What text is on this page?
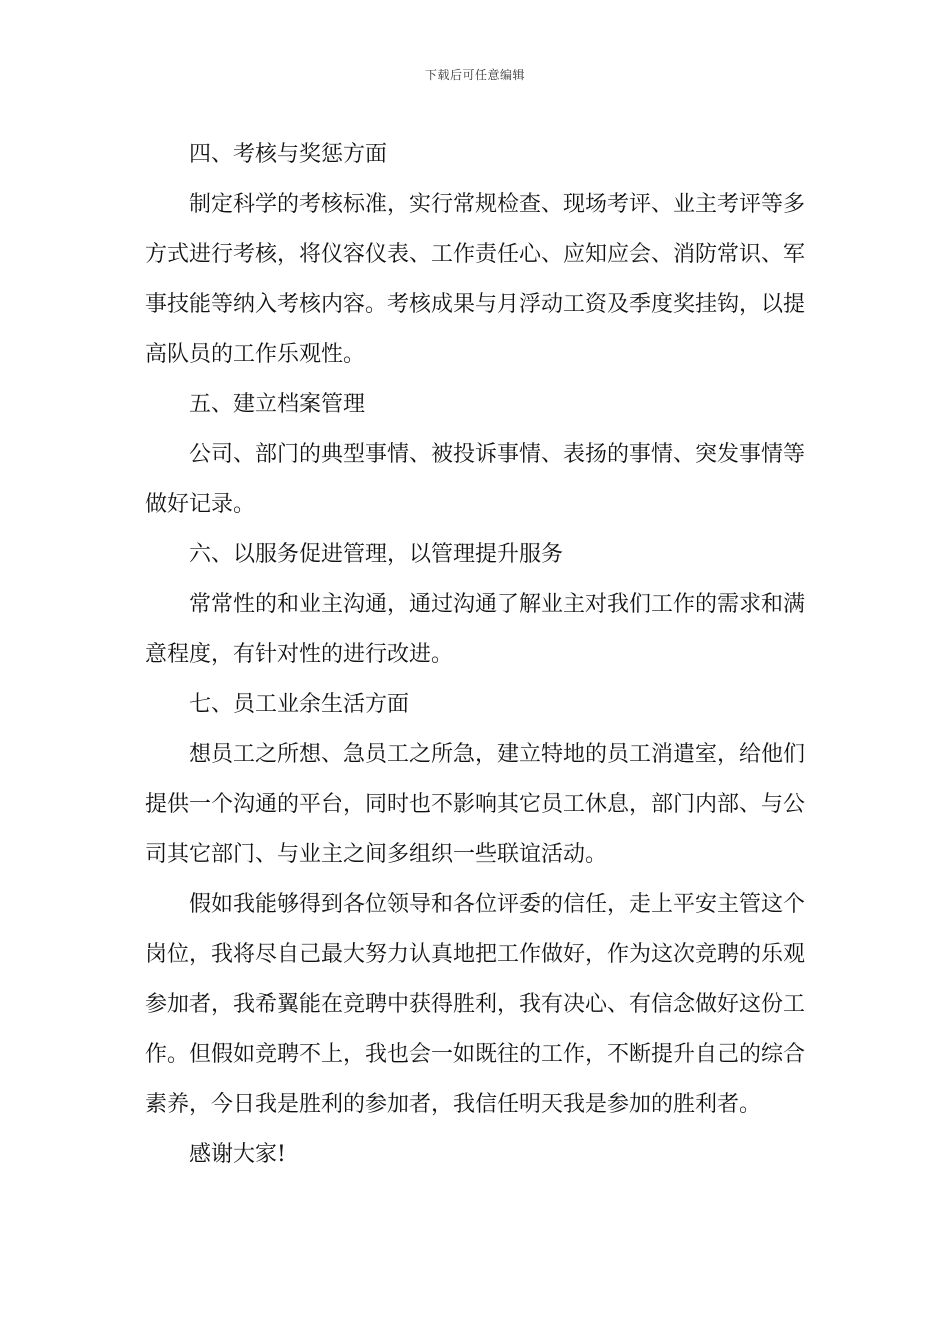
下载后可任意编辑

四、考核与奖惩方面

制定科学的考核标准，实行常规检查、现场考评、业主考评等多方式进行考核，将仪容仪表、工作责任心、应知应会、消防常识、军事技能等纳入考核内容。考核成果与月浮动工资及季度奖挂钩，以提高队员的工作乐观性。

五、建立档案管理

公司、部门的典型事情、被投诉事情、表扬的事情、突发事情等做好记录。

六、以服务促进管理，以管理提升服务

常常性的和业主沟通，通过沟通了解业主对我们工作的需求和满意程度，有针对性的进行改进。

七、员工业余生活方面

想员工之所想、急员工之所急，建立特地的员工消遣室，给他们提供一个沟通的平台，同时也不影响其它员工休息，部门内部、与公司其它部门、与业主之间多组织一些联谊活动。

假如我能够得到各位领导和各位评委的信任，走上平安主管这个岗位，我将尽自己最大努力认真地把工作做好，作为这次竞聘的乐观参加者，我希翼能在竞聘中获得胜利，我有决心、有信念做好这份工作。但假如竞聘不上，我也会一如既往的工作，不断提升自己的综合素养，今日我是胜利的参加者，我信任明天我是参加的胜利者。

感谢大家!
